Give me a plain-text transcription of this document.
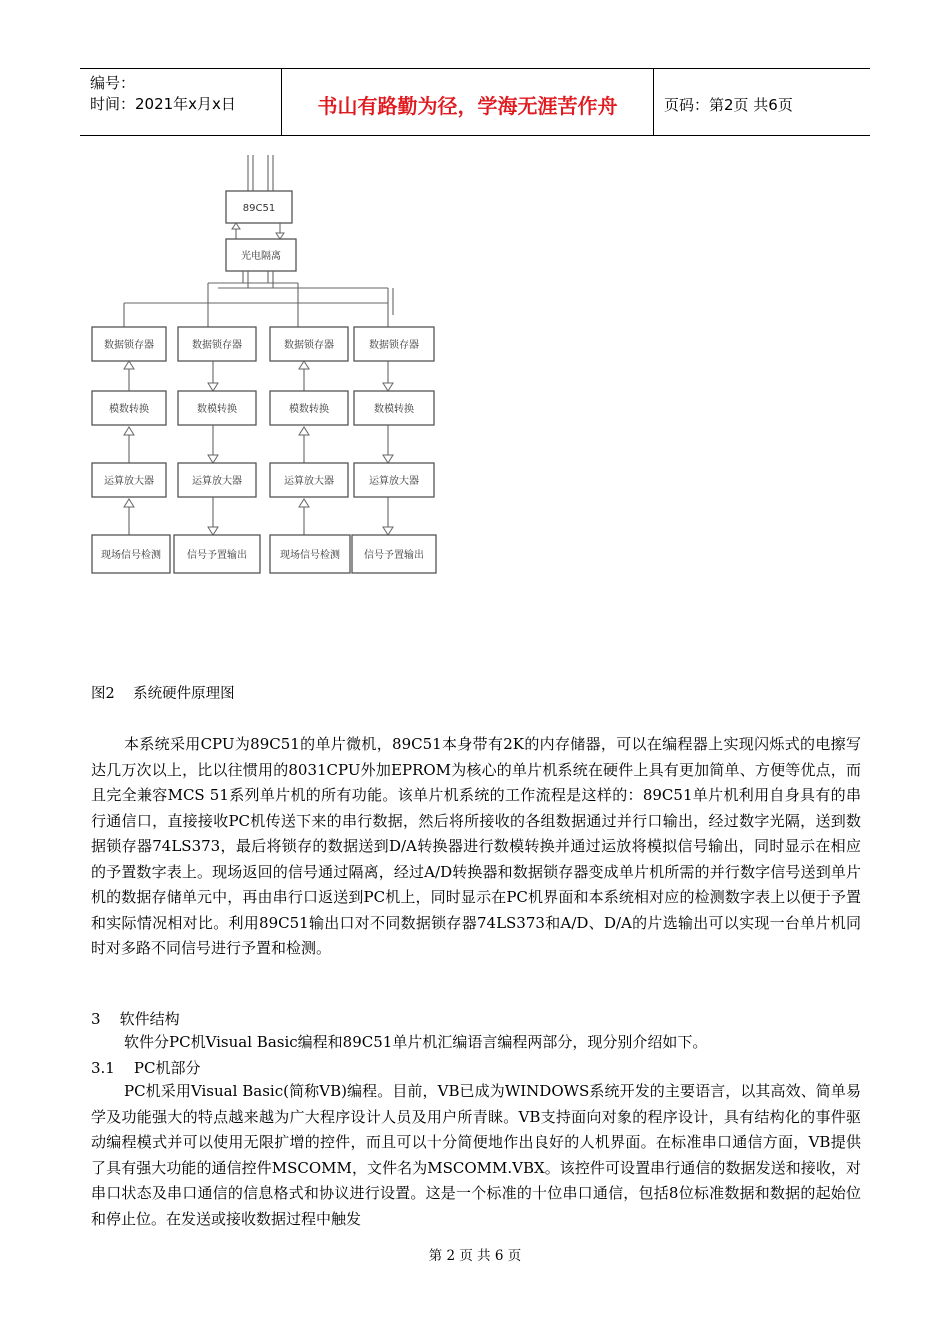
编号：
时间：2021年x月x日	书山有路勤为径，学海无涯苦作舟	页码：第2页 共6页
89C51
光电隔离
数据锁存器
模数转换
运算放大器
现场信号检测
数据锁存器
数模转换
运算放大器
信号予置输出
数据锁存器
模数转换
运算放大器
现场信号检测
数据锁存器
数模转换
运算放大器
信号予置输出
图2    系统硬件原理图

本系统采用CPU为89C51的单片微机，89C51本身带有2K的内存储器，可以在编程器上实现闪烁式的电擦写达几万次以上，比以往惯用的8031CPU外加EPROM为核心的单片机系统在硬件上具有更加简单、方便等优点，而且完全兼容MCS 51系列单片机的所有功能。该单片机系统的工作流程是这样的：89C51单片机利用自身具有的串行通信口，直接接收PC机传送下来的串行数据，然后将所接收的各组数据通过并行口输出，经过数字光隔，送到数据锁存器74LS373，最后将锁存的数据送到D/A转换器进行数模转换并通过运放将模拟信号输出，同时显示在相应的予置数字表上。现场返回的信号通过隔离，经过A/D转换器和数据锁存器变成单片机所需的并行数字信号送到单片机的数据存储单元中，再由串行口返送到PC机上，同时显示在PC机界面和本系统相对应的检测数字表上以便于予置和实际情况相对比。利用89C51输出口对不同数据锁存器74LS373和A/D、D/A的片选输出可以实现一台单片机同时对多路不同信号进行予置和检测。

3    软件结构

软件分PC机Visual Basic编程和89C51单片机汇编语言编程两部分，现分别介绍如下。

3.1    PC机部分

PC机采用Visual Basic(简称VB)编程。目前，VB已成为WINDOWS系统开发的主要语言，以其高效、简单易学及功能强大的特点越来越为广大程序设计人员及用户所青睐。VB支持面向对象的程序设计，具有结构化的事件驱动编程模式并可以使用无限扩增的控件，而且可以十分简便地作出良好的人机界面。在标准串口通信方面，VB提供了具有强大功能的通信控件MSCOMM，文件名为MSCOMM.VBX。该控件可设置串行通信的数据发送和接收，对串口状态及串口通信的信息格式和协议进行设置。这是一个标准的十位串口通信，包括8位标准数据和数据的起始位和停止位。在发送或接收数据过程中触发

第 2 页 共 6 页
